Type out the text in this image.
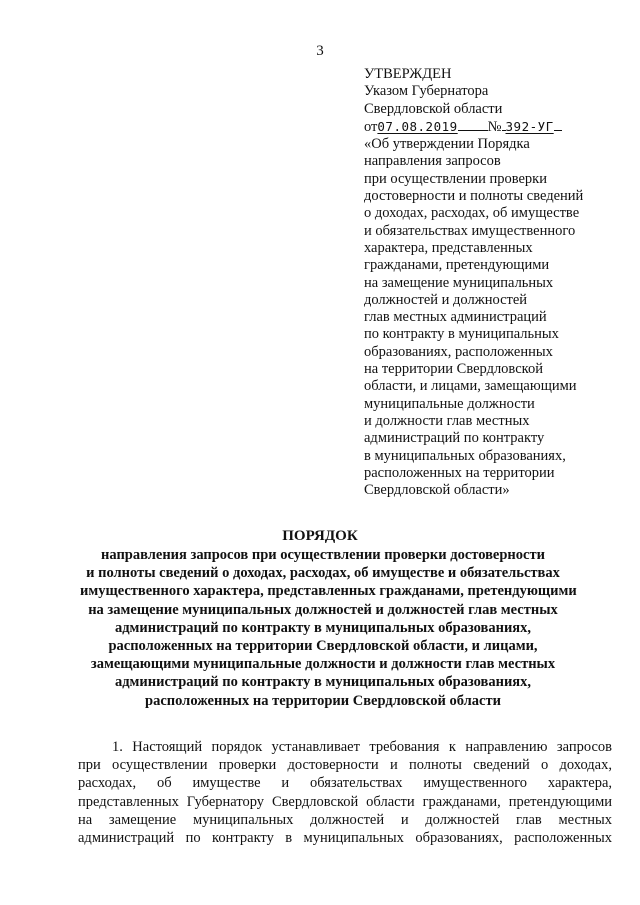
3
УТВЕРЖДЕН
Указом Губернатора
Свердловской области
от07.08.2019 № 392-УГ
«Об утверждении Порядка
направления запросов
при осуществлении проверки
достоверности и полноты сведений
о доходах, расходах, об имуществе
и обязательствах имущественного
характера, представленных
гражданами, претендующими
на замещение муниципальных
должностей и должностей
глав местных администраций
по контракту в муниципальных
образованиях, расположенных
на территории Свердловской
области, и лицами, замещающими
муниципальные должности
и должности глав местных
администраций по контракту
в муниципальных образованиях,
расположенных на территории
Свердловской области»
ПОРЯДОК
направления запросов при осуществлении проверки достоверности
и полноты сведений о доходах, расходах, об имуществе и обязательствах
имущественного характера, представленных гражданами, претендующими
на замещение муниципальных должностей и должностей глав местных
администраций по контракту в муниципальных образованиях,
расположенных на территории Свердловской области, и лицами,
замещающими муниципальные должности и должности глав местных
администраций по контракту в муниципальных образованиях,
расположенных на территории Свердловской области
1. Настоящий порядок устанавливает требования к направлению запросов
при осуществлении проверки достоверности и полноты сведений о доходах,
расходах, об имуществе и обязательствах имущественного характера,
представленных Губернатору Свердловской области гражданами, претендующими
на замещение муниципальных должностей и должностей глав местных
администраций по контракту в муниципальных образованиях, расположенных
